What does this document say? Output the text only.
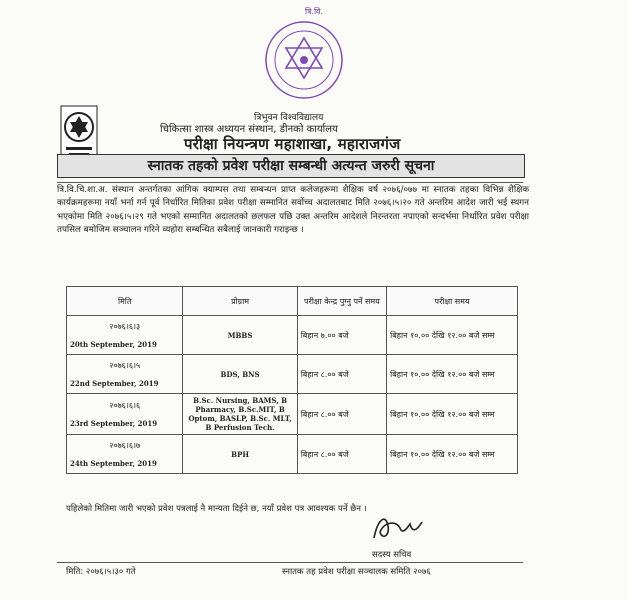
त्रि.वि.
त्रिभुवन विश्वविद्यालय
चिकित्सा शास्त्र अध्ययन संस्थान, डीनको कार्यालय
परीक्षा नियन्त्रण महाशाखा, महाराजगंज
स्नातक तहको प्रवेश परीक्षा सम्बन्धी अत्यन्त जरुरी सूचना
त्रि.वि.चि.शा.अ. संस्थान अन्तर्गतका आंगिक क्याम्पस तथा सम्बन्धन प्राप्त कलेजहरूमा शैक्षिक वर्ष २०७६/०७७ मा स्नातक तहका विभिन्न शैक्षिक कार्यक्रमहरूमा नयाँ भर्ना गर्न पूर्व निर्धारित मितिका प्रवेश परीक्षा सम्मानित सर्वोच्च अदालतबाट मिति २०७६।५।२० गते अन्तरिम आदेश जारी भई स्थगन भएकोमा मिति २०७६।५।२९ गते भएको सम्मानित अदालतको छलफल पछि उक्त अन्तरिम आदेशले निरन्तरता नपाएको सन्दर्भमा निर्धारित प्रवेश परीक्षा तपसिल बमोजिम सञ्चालन गरिने व्यहोरा सम्बन्धित सबैलाई जानकारी गराइन्छ ।
मिति	प्रोग्राम	परीक्षा केन्द्र पुग्नु पर्ने समय	परीक्षा समय

२०७६।६।३
20th September, 2019	MBBS	बिहान ७.०० बजे	बिहान १०.०० देखि १२.०० बजे सम्म

२०७६।६।५
22nd September, 2019	BDS, BNS	बिहान ८.०० बजे	बिहान १०.०० देखि १२.०० बजे सम्म

२०७६।६।६
23rd September, 2019	B.Sc. Nursing, BAMS, B Pharmacy, B.Sc.MIT, B Optom, BASLP, B.Sc. MLT, B Perfusion Tech.	बिहान ८.०० बजे	बिहान १०.०० देखि १२.०० बजे सम्म

२०७६।६।७
24th September, 2019	BPH	बिहान ८.०० बजे	बिहान १०.०० देखि १२.०० बजे सम्म
पहिलेको मितिमा जारी भएको प्रवेश पत्रलाई नै मान्यता दिईने छ, नयाँ प्रवेश पत्र आवश्यक पर्ने छैन ।
सदस्य सचिव
मिति: २०७६।५।३० गते	स्नातक तह प्रवेश परीक्षा सञ्चालक समिति २०७६
